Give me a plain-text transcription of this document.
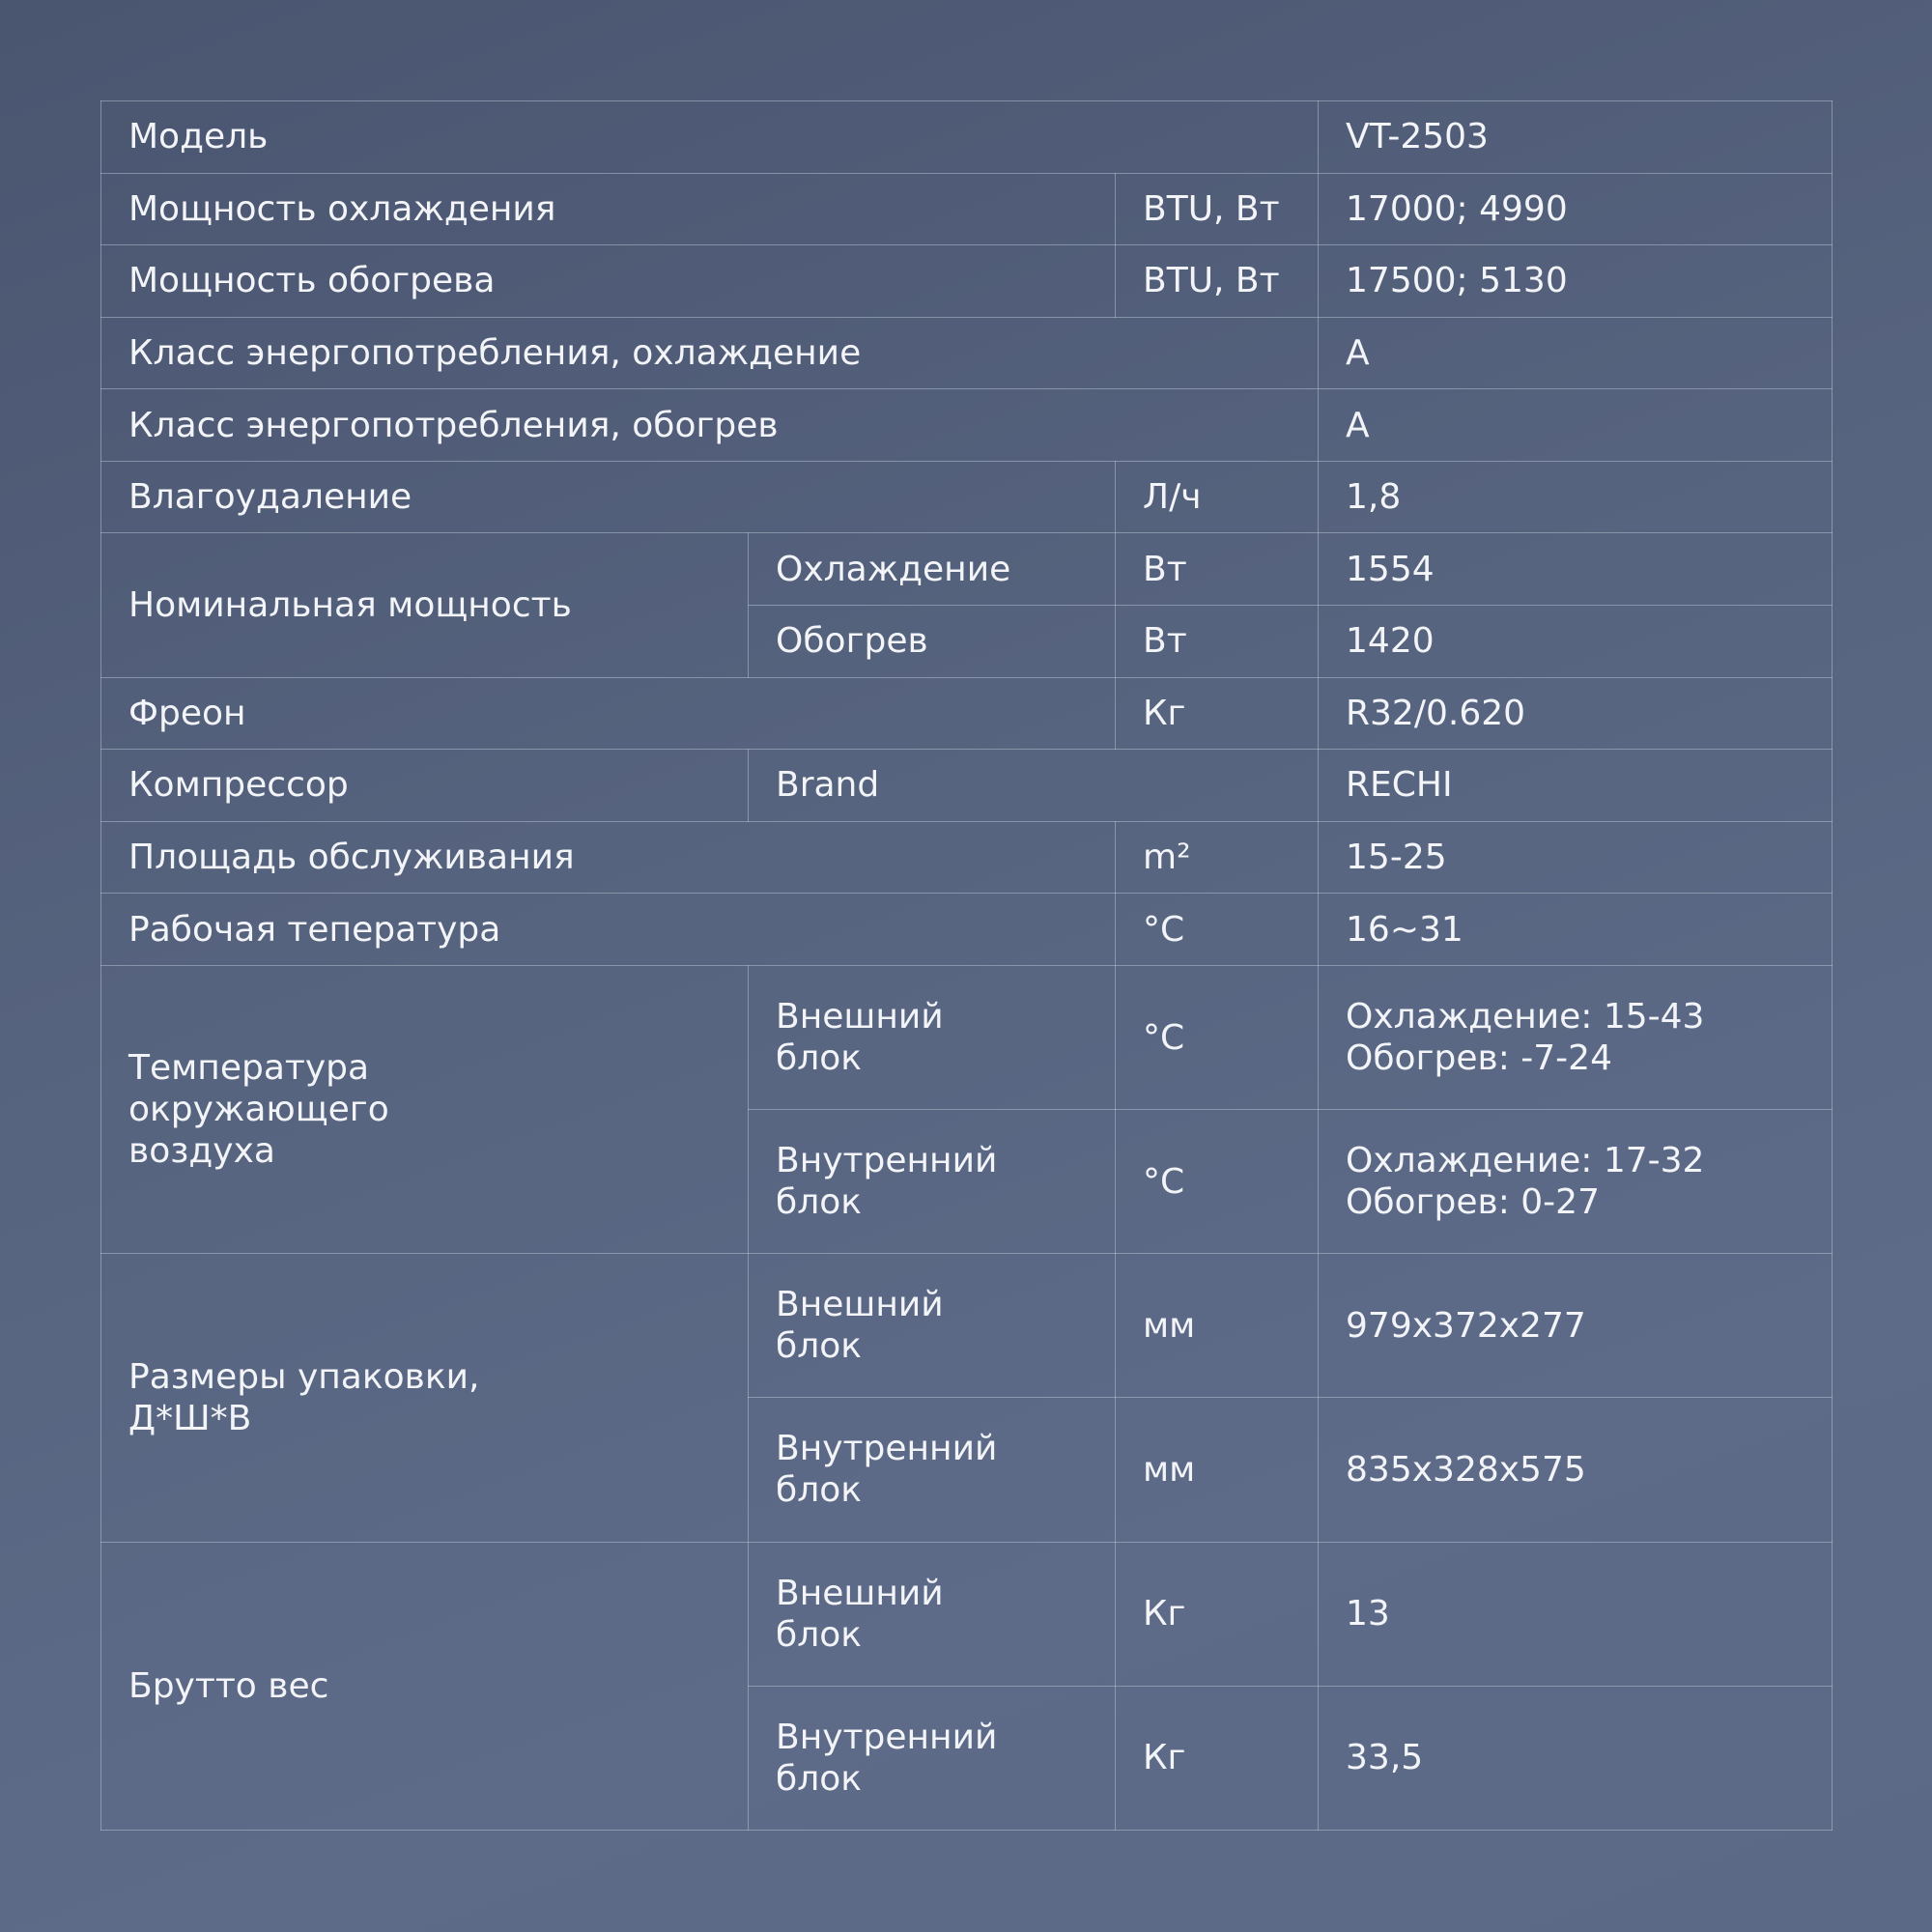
Модель			VT-2503
Мощность охлаждения		BTU, Вт	17000; 4990
Мощность обогрева		BTU, Вт	17500; 5130
Класс энергопотребления, охлаждение			A
Класс энергопотребления, обогрев			A
Влагоудаление		Л/ч	1,8
Номинальная мощность	Охлаждение	Вт	1554
	Обогрев	Вт	1420
Фреон		Кг	R32/0.620
Компрессор	Brand		RECHI
Площадь обслуживания		m²	15-25
Рабочая тепература		°C	16~31

Температура окружающего воздуха	Внешний блок	°C	Охлаждение: 15-43
Обогрев: -7-24

	Внутренний блок	°C	Охлаждение: 17-32
Обогрев: 0-27

Размеры упаковки, Д*Ш*В	Внешний блок	мм	979x372x277
	Внутренний блок	мм	835x328x575
Брутто вес	Внешний блок	Кг	13
	Внутренний блок	Кг	33,5
